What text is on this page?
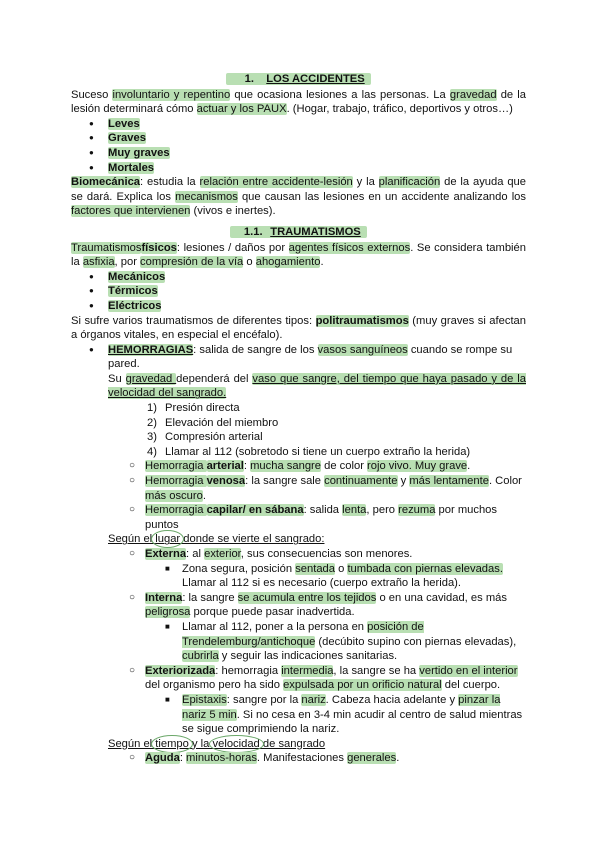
1. LOS ACCIDENTES

Suceso involuntario y repentino que ocasiona lesiones a las personas. La gravedad de la lesión determinará cómo actuar y los PAUX. (Hogar, trabajo, tráfico, deportivos y otros…)

● Leves
● Graves
● Muy graves
● Mortales

Biomecánica: estudia la relación entre accidente-lesión y la planificación de la ayuda que se dará. Explica los mecanismos que causan las lesiones en un accidente analizando los factores que intervienen (vivos e inertes).

1.1. TRAUMATISMOS

Traumatismosfísicos: lesiones / daños por agentes físicos externos. Se considera también la asfixia, por compresión de la vía o ahogamiento.

● Mecánicos
● Térmicos
● Eléctricos

Si sufre varios traumatismos de diferentes tipos: politraumatismos (muy graves si afectan a órganos vitales, en especial el encéfalo).

● HEMORRAGIAS: salida de sangre de los vasos sanguíneos cuando se rompe su pared.

Su gravedad dependerá del vaso que sangre, del tiempo que haya pasado y de la velocidad del sangrado.

1) Presión directa
2) Elevación del miembro
3) Compresión arterial
4) Llamar al 112 (sobretodo si tiene un cuerpo extraño la herida)
○ Hemorragia arterial: mucha sangre de color rojo vivo. Muy grave.
○ Hemorragia venosa: la sangre sale continuamente y más lentamente. Color más oscuro.
○ Hemorragia capilar/ en sábana: salida lenta, pero rezuma por muchos puntos

Según el lugar donde se vierte el sangrado:

○ Externa: al exterior, sus consecuencias son menores.
■ Zona segura, posición sentada o tumbada con piernas elevadas. Llamar al 112 si es necesario (cuerpo extraño la herida).
○ Interna: la sangre se acumula entre los tejidos o en una cavidad, es más peligrosa porque puede pasar inadvertida.
■ Llamar al 112, poner a la persona en posición de Trendelemburg/antichoque (decúbito supino con piernas elevadas), cubrirla y seguir las indicaciones sanitarias.
○ Exteriorizada: hemorragia intermedia, la sangre se ha vertido en el interior del organismo pero ha sido expulsada por un orificio natural del cuerpo.
■ Epistaxis: sangre por la nariz. Cabeza hacia adelante y pinzar la nariz 5 min. Si no cesa en 3-4 min acudir al centro de salud mientras se sigue comprimiendo la nariz.

Según el tiempo y la velocidad de sangrado

○ Aguda: minutos-horas. Manifestaciones generales.
